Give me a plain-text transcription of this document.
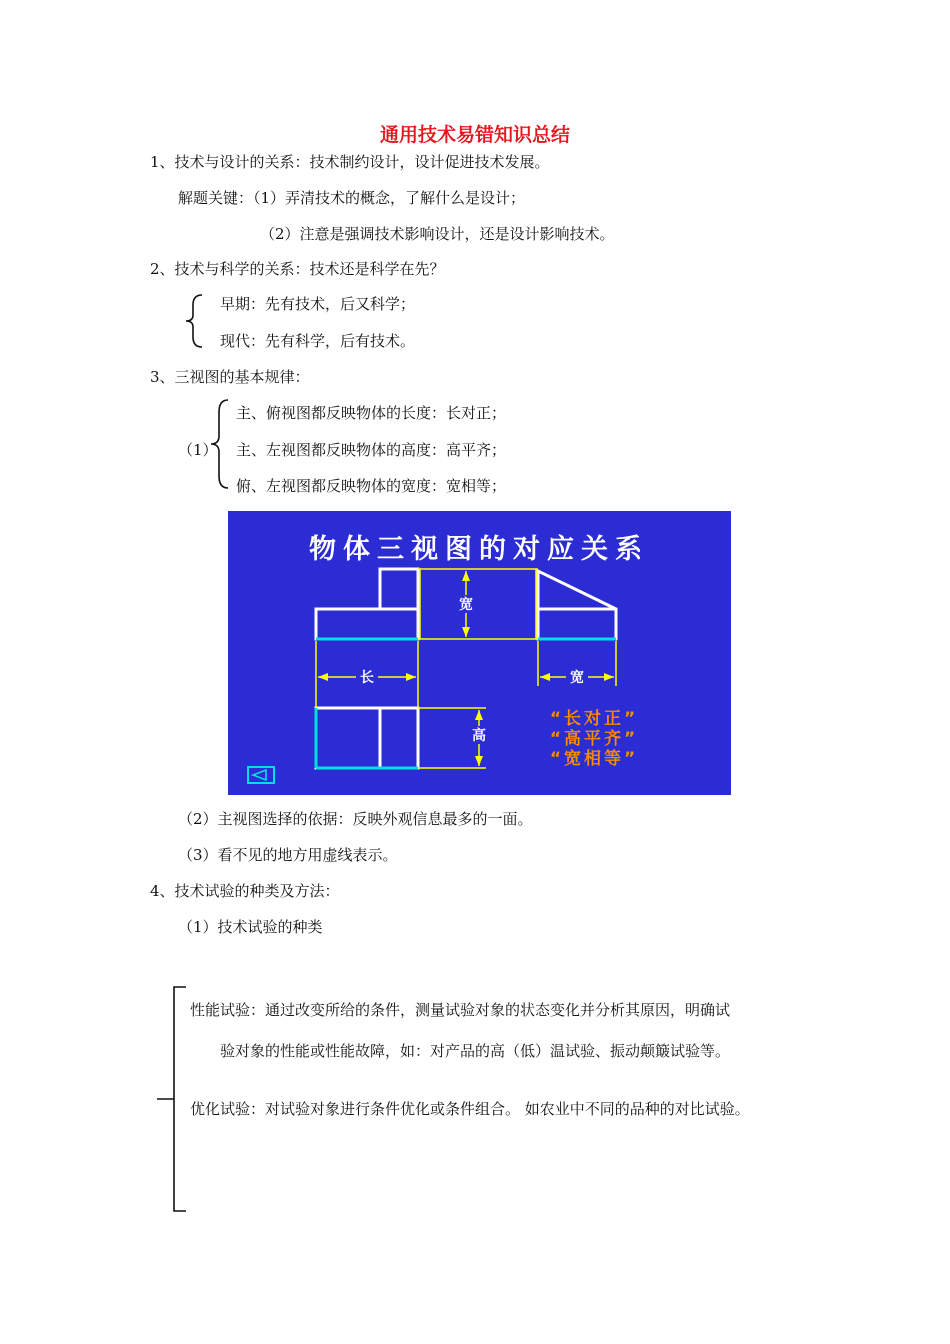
通用技术易错知识总结
1、技术与设计的关系：技术制约设计，设计促进技术发展。
解题关键：（1）弄清技术的概念，了解什么是设计；
（2）注意是强调技术影响设计，还是设计影响技术。
2、技术与科学的关系：技术还是科学在先？
早期：先有技术，后又科学；
现代：先有科学，后有技术。
3、三视图的基本规律：
（1）
主、俯视图都反映物体的长度：长对正；
主、左视图都反映物体的高度：高平齐；
俯、左视图都反映物体的宽度：宽相等；
物体三视图的对应关系
宽
长	宽
高
“长对正”
“高平齐”
“宽相等”
（2）主视图选择的依据：反映外观信息最多的一面。
（3）看不见的地方用虚线表示。
4、技术试验的种类及方法：
（1）技术试验的种类
性能试验：通过改变所给的条件，测量试验对象的状态变化并分析其原因，明确试
验对象的性能或性能故障，如：对产品的高（低）温试验、振动颠簸试验等。
优化试验：对试验对象进行条件优化或条件组合。 如农业中不同的品种的对比试验。
